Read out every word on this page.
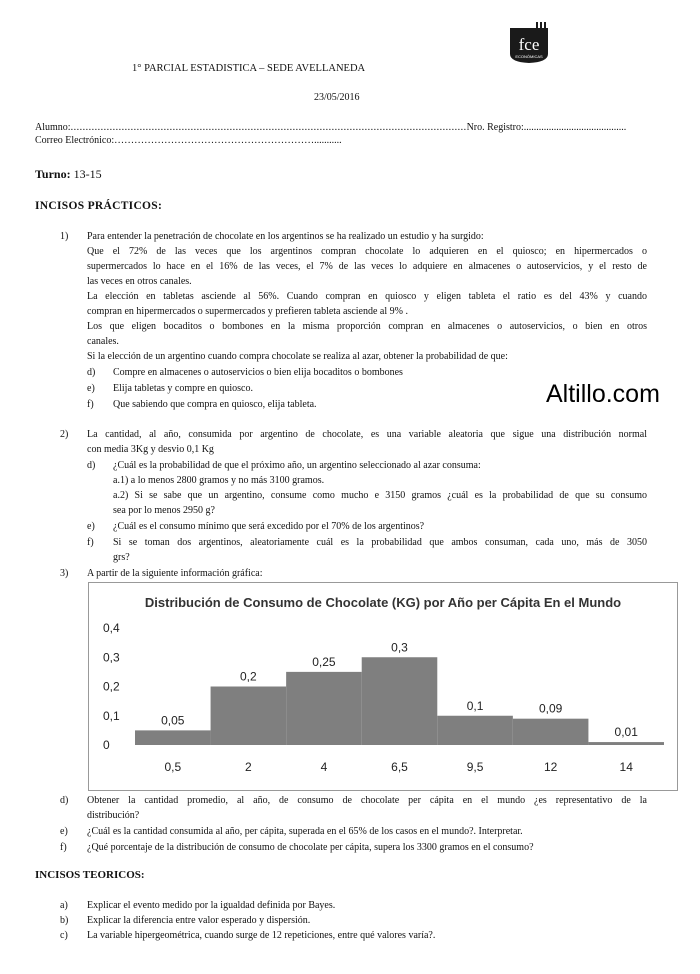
fce
ECONÓMICAS
1° PARCIAL ESTADISTICA – SEDE AVELLANEDA
23/05/2016
Alumno:....................................................................................................................................Nro. Registro:.........................................
Correo Electrónico:……………………………………………………...........
Turno: 13-15
INCISOS PRÁCTICOS:
1) Para entender la penetración de chocolate en los argentinos se ha realizado un estudio y ha surgido:
Que el 72% de las veces que los argentinos compran chocolate lo adquieren en el quiosco; en hipermercados o
supermercados lo hace en el 16% de las veces, el 7% de las veces lo adquiere en almacenes o autoservicios, y el resto de
las veces en otros canales.
La elección en tabletas asciende al 56%. Cuando compran en quiosco y eligen tableta el ratio es del 43% y cuando
compran en hipermercados o supermercados y prefieren tableta asciende al 9% .
Los que eligen bocaditos o bombones en la misma proporción compran en almacenes o autoservicios, o bien en otros
canales.
Si la elección de un argentino cuando compra chocolate se realiza al azar, obtener la probabilidad de que:
d) Compre en almacenes o autoservicios o bien elija bocaditos o bombones
e) Elija tabletas y compre en quiosco.
f) Que sabiendo que compra en quiosco, elija tableta.	Altillo.com
2) La cantidad, al año, consumida por argentino de chocolate, es una variable aleatoria que sigue una distribución normal
con media 3Kg y desvio 0,1 Kg
d) ¿Cuál es la probabilidad de que el próximo año, un argentino seleccionado al azar consuma:
a.1) a lo menos 2800 gramos y no más 3100 gramos.
a.2) Si se sabe que un argentino, consume como mucho e 3150 gramos ¿cuál es la probabilidad de que su consumo
sea por lo menos 2950 g?
e) ¿Cuál es el consumo mínimo que será excedido por el 70% de los argentinos?
f) Si se toman dos argentinos, aleatoriamente cuál es la probabilidad que ambos consuman, cada uno, más de 3050
grs?
3) A partir de la siguiente información gráfica:
Distribución de Consumo de Chocolate (KG) por Año per Cápita En el Mundo
0
0,1
0,2
0,3
0,4
0,05
0,2
0,25
0,3
0,1	0,09
0,01
0,5	2	4	6,5	9,5	12	14
d) Obtener la cantidad promedio, al año, de consumo de chocolate per cápita en el mundo ¿es representativo de la
distribución?
e) ¿Cuál es la cantidad consumida al año, per cápita, superada en el 65% de los casos en el mundo?. Interpretar.
f) ¿Qué porcentaje de la distribución de consumo de chocolate per cápita, supera los 3300 gramos en el consumo?
INCISOS TEORICOS:
a) Explicar el evento medido por la igualdad definida por Bayes.
b) Explicar la diferencia entre valor esperado y dispersión.
c) La variable hipergeométrica, cuando surge de 12 repeticiones, entre qué valores varía?.
